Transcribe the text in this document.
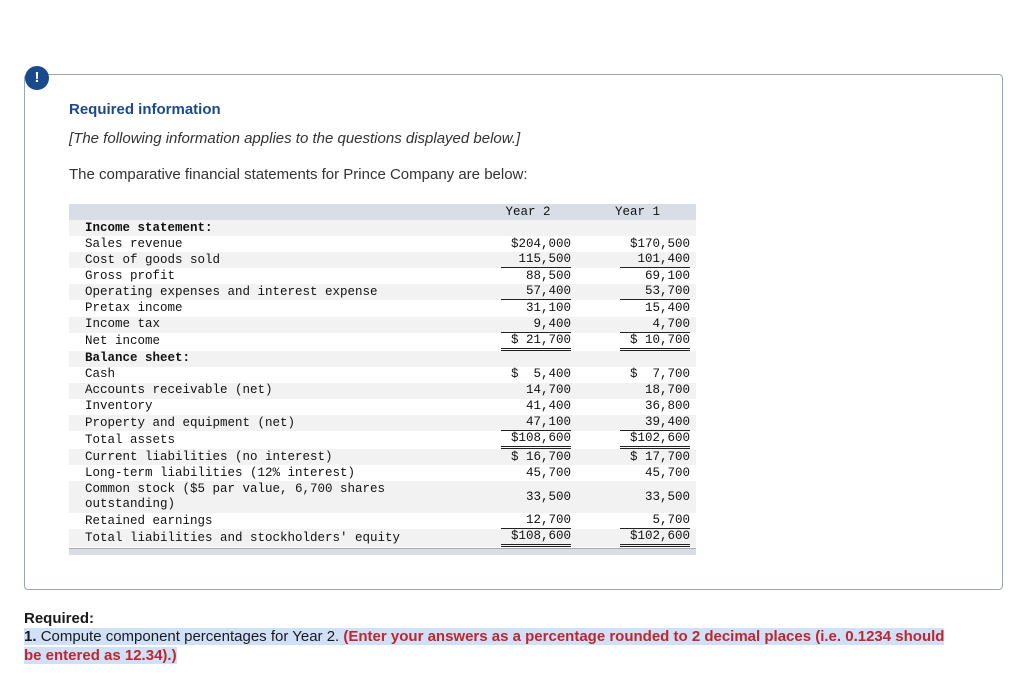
!

Required information

[The following information applies to the questions displayed below.]

The comparative financial statements for Prince Company are below:

	Year 2	Year 1
Income statement:		
Sales revenue	$204,000	$170,500
Cost of goods sold	115,500	101,400
Gross profit	88,500	69,100
Operating expenses and interest expense	57,400	53,700
Pretax income	31,100	15,400
Income tax	9,400	4,700
Net income	$ 21,700	$ 10,700
Balance sheet:		
Cash	$  5,400	$  7,700
Accounts receivable (net)	14,700	18,700
Inventory	41,400	36,800
Property and equipment (net)	47,100	39,400
Total assets	$108,600	$102,600
Current liabilities (no interest)	$ 16,700	$ 17,700
Long-term liabilities (12% interest)	45,700	45,700
Common stock ($5 par value, 6,700 shares outstanding)	33,500	33,500
Retained earnings	12,700	5,700
Total liabilities and stockholders' equity	$108,600	$102,600

Required:

1. Compute component percentages for Year 2. (Enter your answers as a percentage rounded to 2 decimal places (i.e. 0.1234 should be entered as 12.34).)
